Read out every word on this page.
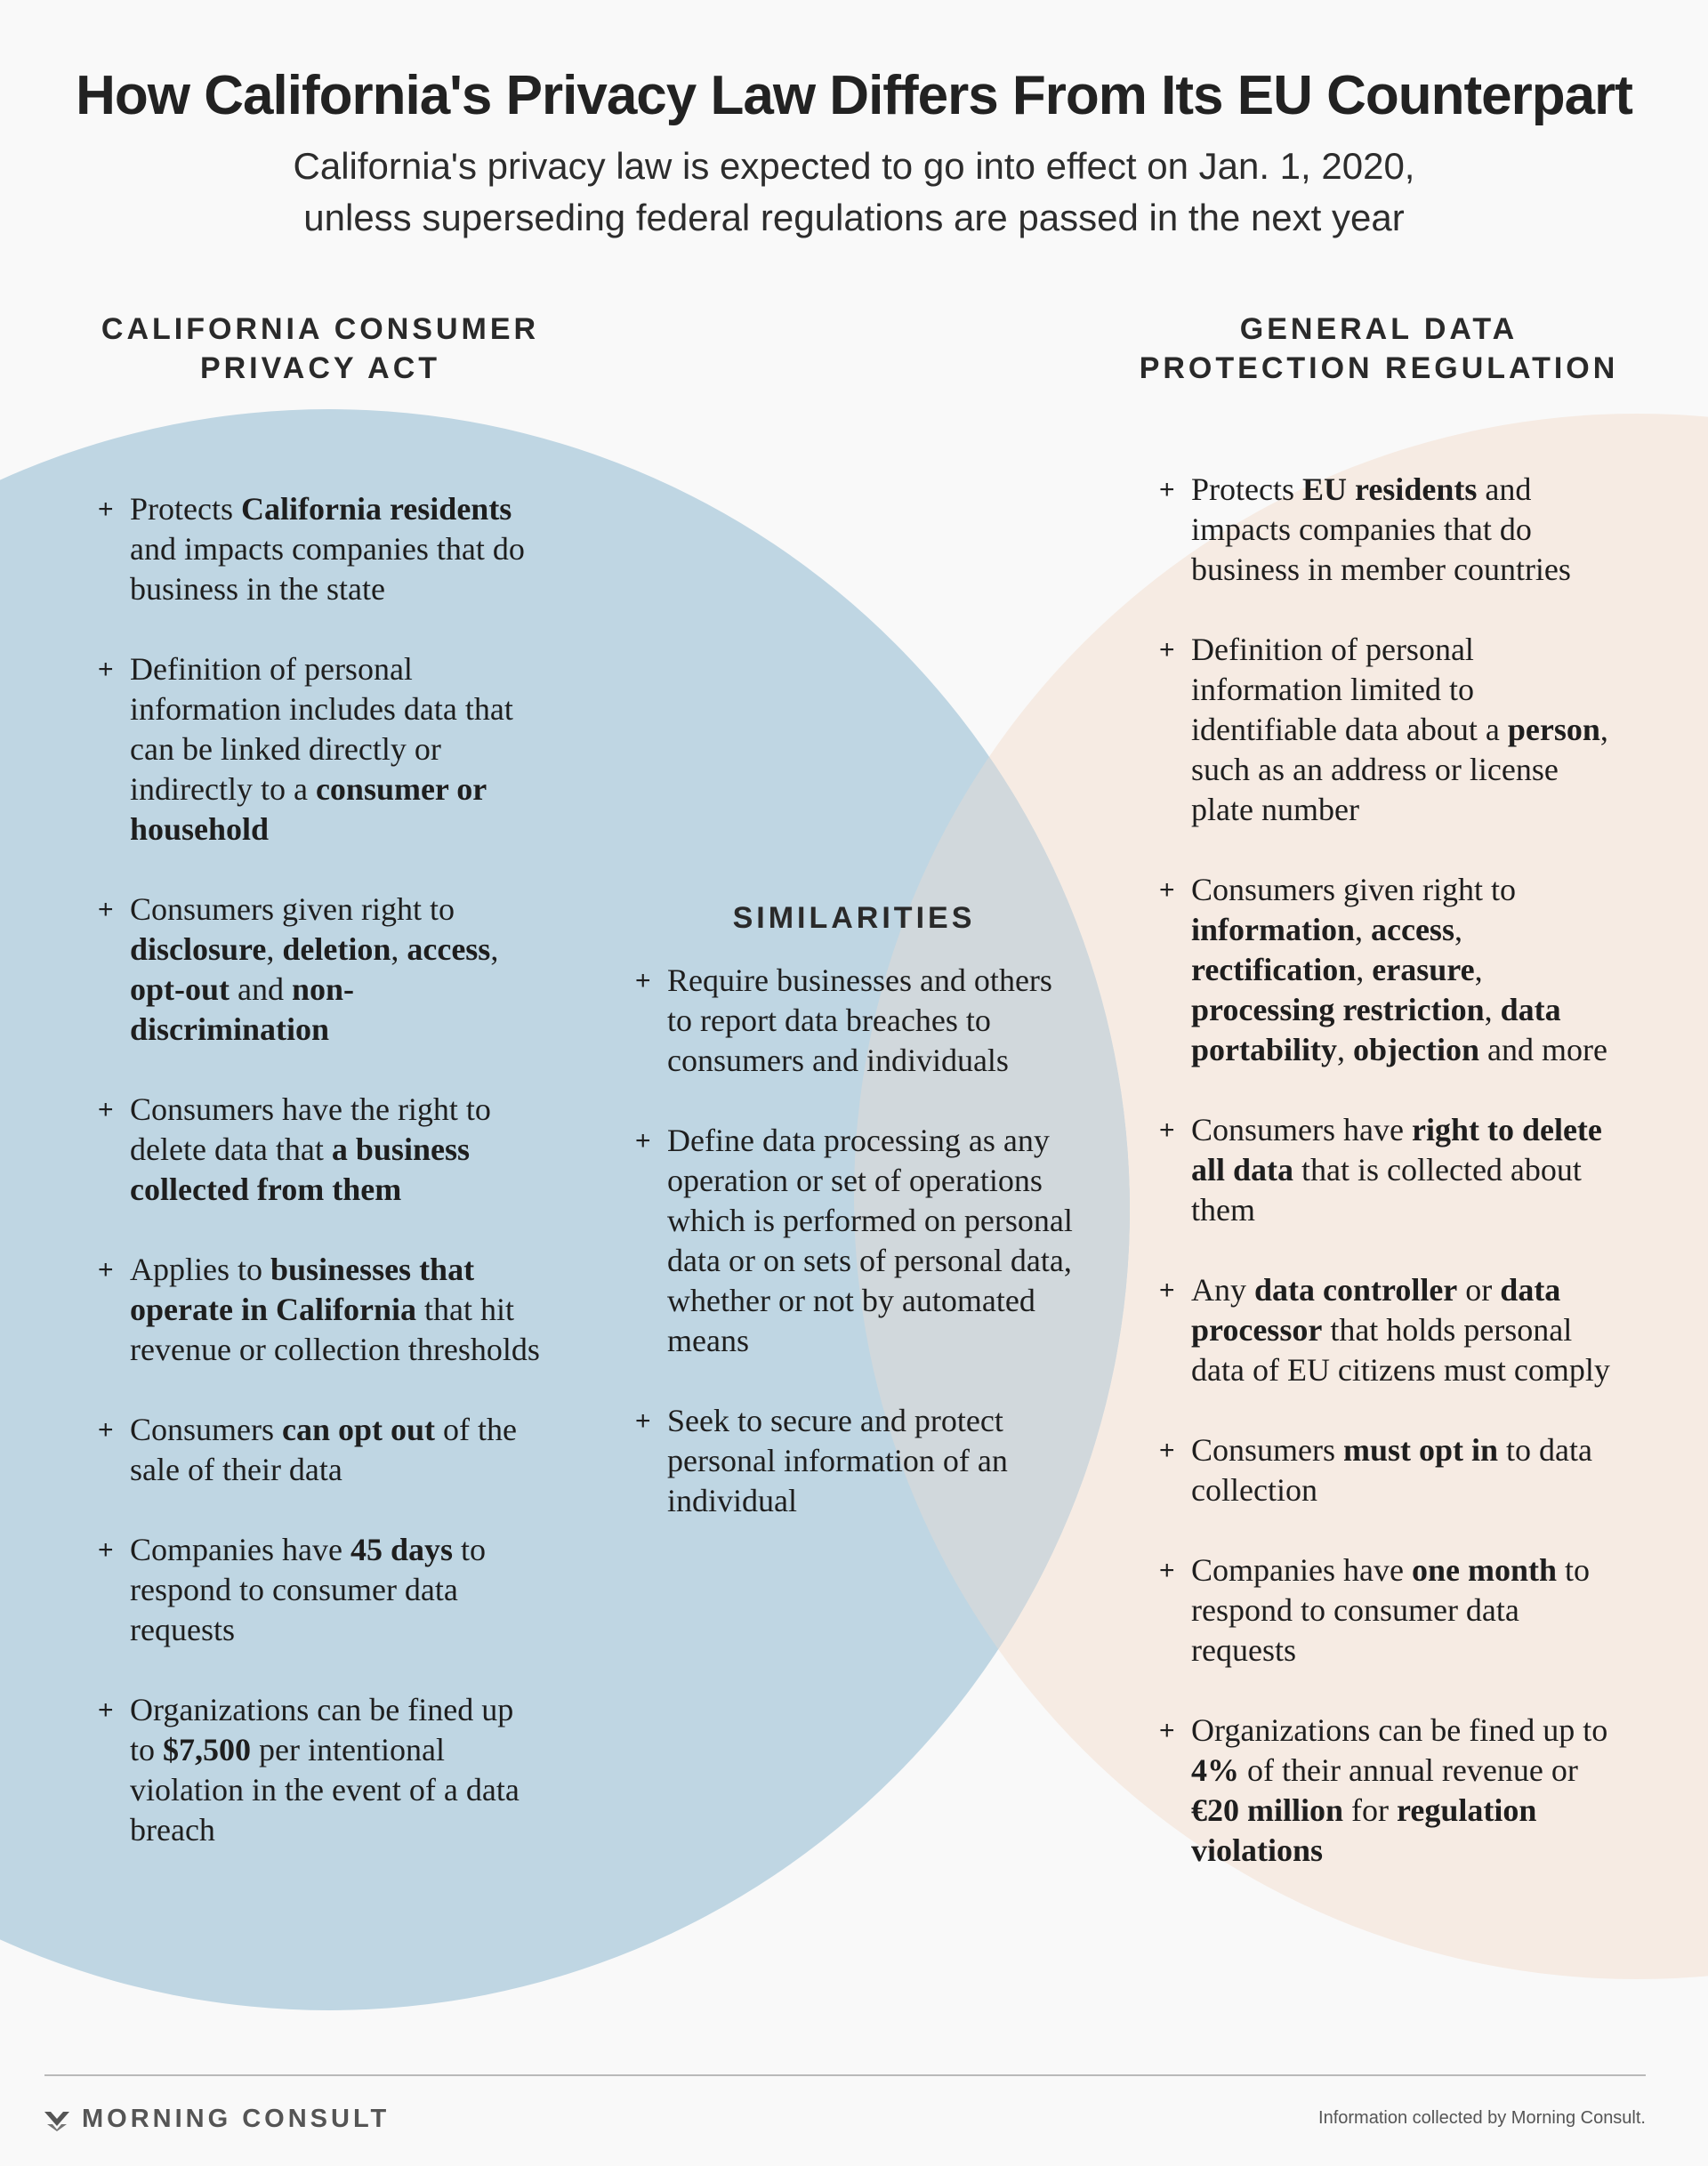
How California's Privacy Law Differs From Its EU Counterpart
California's privacy law is expected to go into effect on Jan. 1, 2020,
unless superseding federal regulations are passed in the next year
CALIFORNIA CONSUMER
PRIVACY ACT
GENERAL DATA
PROTECTION REGULATION
SIMILARITIES
+ Protects California residents and impacts companies that do business in the state
+ Definition of personal information includes data that can be linked directly or indirectly to a consumer or household
+ Consumers given right to disclosure, deletion, access, opt-out and non-discrimination
+ Consumers have the right to delete data that a business collected from them
+ Applies to businesses that operate in California that hit revenue or collection thresholds
+ Consumers can opt out of the sale of their data
+ Companies have 45 days to respond to consumer data requests
+ Organizations can be fined up to $7,500 per intentional violation in the event of a data breach
+ Require businesses and others to report data breaches to consumers and individuals
+ Define data processing as any operation or set of operations which is performed on personal data or on sets of personal data, whether or not by automated means
+ Seek to secure and protect personal information of an individual
+ Protects EU residents and impacts companies that do business in member countries
+ Definition of personal information limited to identifiable data about a person, such as an address or license plate number
+ Consumers given right to information, access, rectification, erasure, processing restriction, data portability, objection and more
+ Consumers have right to delete all data that is collected about them
+ Any data controller or data processor that holds personal data of EU citizens must comply
+ Consumers must opt in to data collection
+ Companies have one month to respond to consumer data requests
+ Organizations can be fined up to 4% of their annual revenue or €20 million for regulation violations
MORNING CONSULT	Information collected by Morning Consult.
